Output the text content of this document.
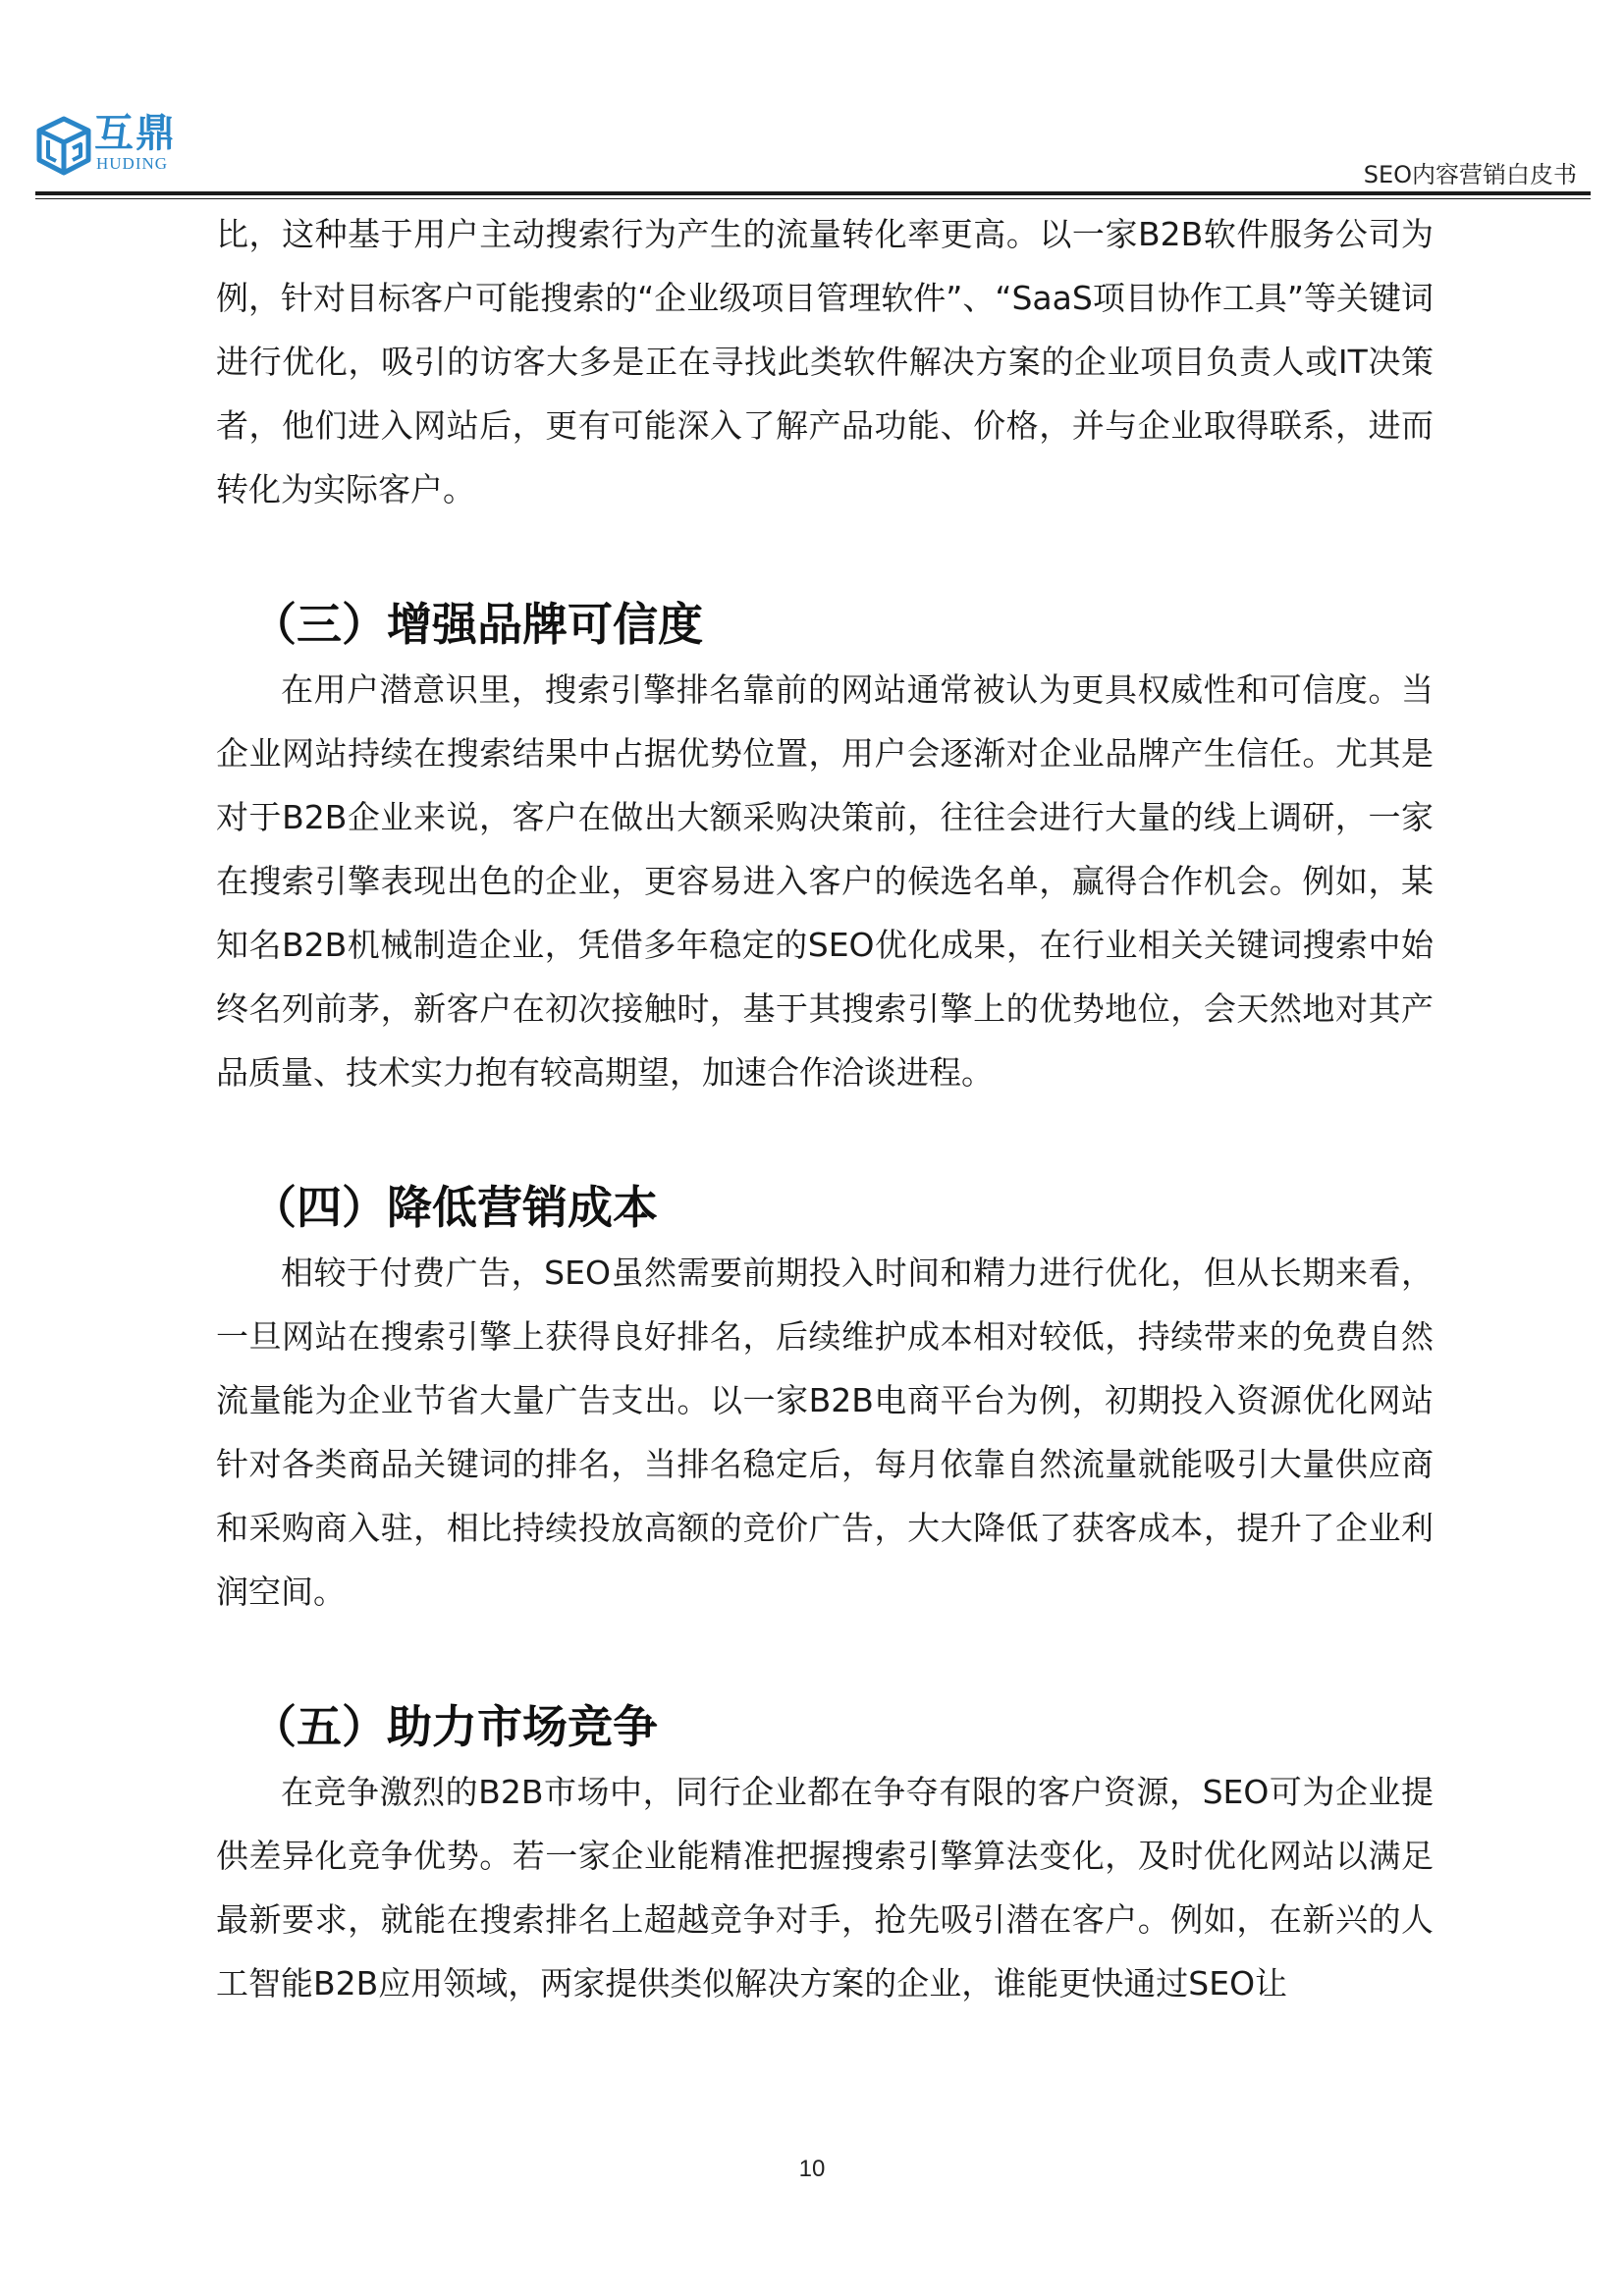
互鼎
HUDING	SEO内容营销白皮书

比，这种基于用户主动搜索行为产生的流量转化率更高。以一家B2B软件服务公司为例，针对目标客户可能搜索的“企业级项目管理软件”、“SaaS项目协作工具”等关键词进行优化，吸引的访客大多是正在寻找此类软件解决方案的企业项目负责人或IT决策者，他们进入网站后，更有可能深入了解产品功能、价格，并与企业取得联系，进而转化为实际客户。

（三）增强品牌可信度

在用户潜意识里，搜索引擎排名靠前的网站通常被认为更具权威性和可信度。当企业网站持续在搜索结果中占据优势位置，用户会逐渐对企业品牌产生信任。尤其是对于B2B企业来说，客户在做出大额采购决策前，往往会进行大量的线上调研，一家在搜索引擎表现出色的企业，更容易进入客户的候选名单，赢得合作机会。例如，某知名B2B机械制造企业，凭借多年稳定的SEO优化成果，在行业相关关键词搜索中始终名列前茅，新客户在初次接触时，基于其搜索引擎上的优势地位，会天然地对其产品质量、技术实力抱有较高期望，加速合作洽谈进程。

（四）降低营销成本

相较于付费广告，SEO虽然需要前期投入时间和精力进行优化，但从长期来看，一旦网站在搜索引擎上获得良好排名，后续维护成本相对较低，持续带来的免费自然流量能为企业节省大量广告支出。以一家B2B电商平台为例，初期投入资源优化网站针对各类商品关键词的排名，当排名稳定后，每月依靠自然流量就能吸引大量供应商和采购商入驻，相比持续投放高额的竞价广告，大大降低了获客成本，提升了企业利润空间。

（五）助力市场竞争

在竞争激烈的B2B市场中，同行企业都在争夺有限的客户资源，SEO可为企业提供差异化竞争优势。若一家企业能精准把握搜索引擎算法变化，及时优化网站以满足最新要求，就能在搜索排名上超越竞争对手，抢先吸引潜在客户。例如，在新兴的人工智能B2B应用领域，两家提供类似解决方案的企业，谁能更快通过SEO让

10
